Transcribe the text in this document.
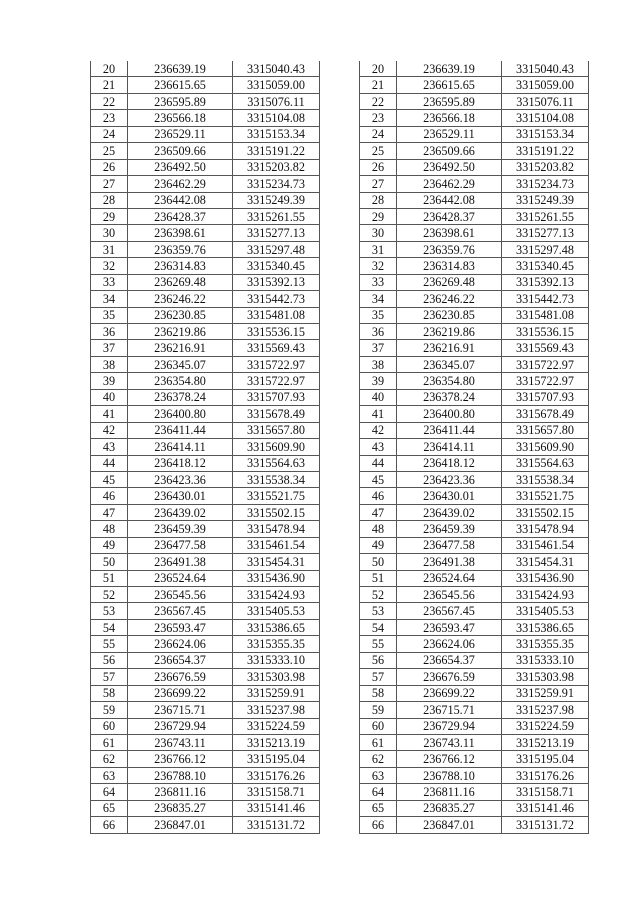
20	236639.19	3315040.43
21	236615.65	3315059.00
22	236595.89	3315076.11
23	236566.18	3315104.08
24	236529.11	3315153.34
25	236509.66	3315191.22
26	236492.50	3315203.82
27	236462.29	3315234.73
28	236442.08	3315249.39
29	236428.37	3315261.55
30	236398.61	3315277.13
31	236359.76	3315297.48
32	236314.83	3315340.45
33	236269.48	3315392.13
34	236246.22	3315442.73
35	236230.85	3315481.08
36	236219.86	3315536.15
37	236216.91	3315569.43
38	236345.07	3315722.97
39	236354.80	3315722.97
40	236378.24	3315707.93
41	236400.80	3315678.49
42	236411.44	3315657.80
43	236414.11	3315609.90
44	236418.12	3315564.63
45	236423.36	3315538.34
46	236430.01	3315521.75
47	236439.02	3315502.15
48	236459.39	3315478.94
49	236477.58	3315461.54
50	236491.38	3315454.31
51	236524.64	3315436.90
52	236545.56	3315424.93
53	236567.45	3315405.53
54	236593.47	3315386.65
55	236624.06	3315355.35
56	236654.37	3315333.10
57	236676.59	3315303.98
58	236699.22	3315259.91
59	236715.71	3315237.98
60	236729.94	3315224.59
61	236743.11	3315213.19
62	236766.12	3315195.04
63	236788.10	3315176.26
64	236811.16	3315158.71
65	236835.27	3315141.46
66	236847.01	3315131.72
20	236639.19	3315040.43
21	236615.65	3315059.00
22	236595.89	3315076.11
23	236566.18	3315104.08
24	236529.11	3315153.34
25	236509.66	3315191.22
26	236492.50	3315203.82
27	236462.29	3315234.73
28	236442.08	3315249.39
29	236428.37	3315261.55
30	236398.61	3315277.13
31	236359.76	3315297.48
32	236314.83	3315340.45
33	236269.48	3315392.13
34	236246.22	3315442.73
35	236230.85	3315481.08
36	236219.86	3315536.15
37	236216.91	3315569.43
38	236345.07	3315722.97
39	236354.80	3315722.97
40	236378.24	3315707.93
41	236400.80	3315678.49
42	236411.44	3315657.80
43	236414.11	3315609.90
44	236418.12	3315564.63
45	236423.36	3315538.34
46	236430.01	3315521.75
47	236439.02	3315502.15
48	236459.39	3315478.94
49	236477.58	3315461.54
50	236491.38	3315454.31
51	236524.64	3315436.90
52	236545.56	3315424.93
53	236567.45	3315405.53
54	236593.47	3315386.65
55	236624.06	3315355.35
56	236654.37	3315333.10
57	236676.59	3315303.98
58	236699.22	3315259.91
59	236715.71	3315237.98
60	236729.94	3315224.59
61	236743.11	3315213.19
62	236766.12	3315195.04
63	236788.10	3315176.26
64	236811.16	3315158.71
65	236835.27	3315141.46
66	236847.01	3315131.72
